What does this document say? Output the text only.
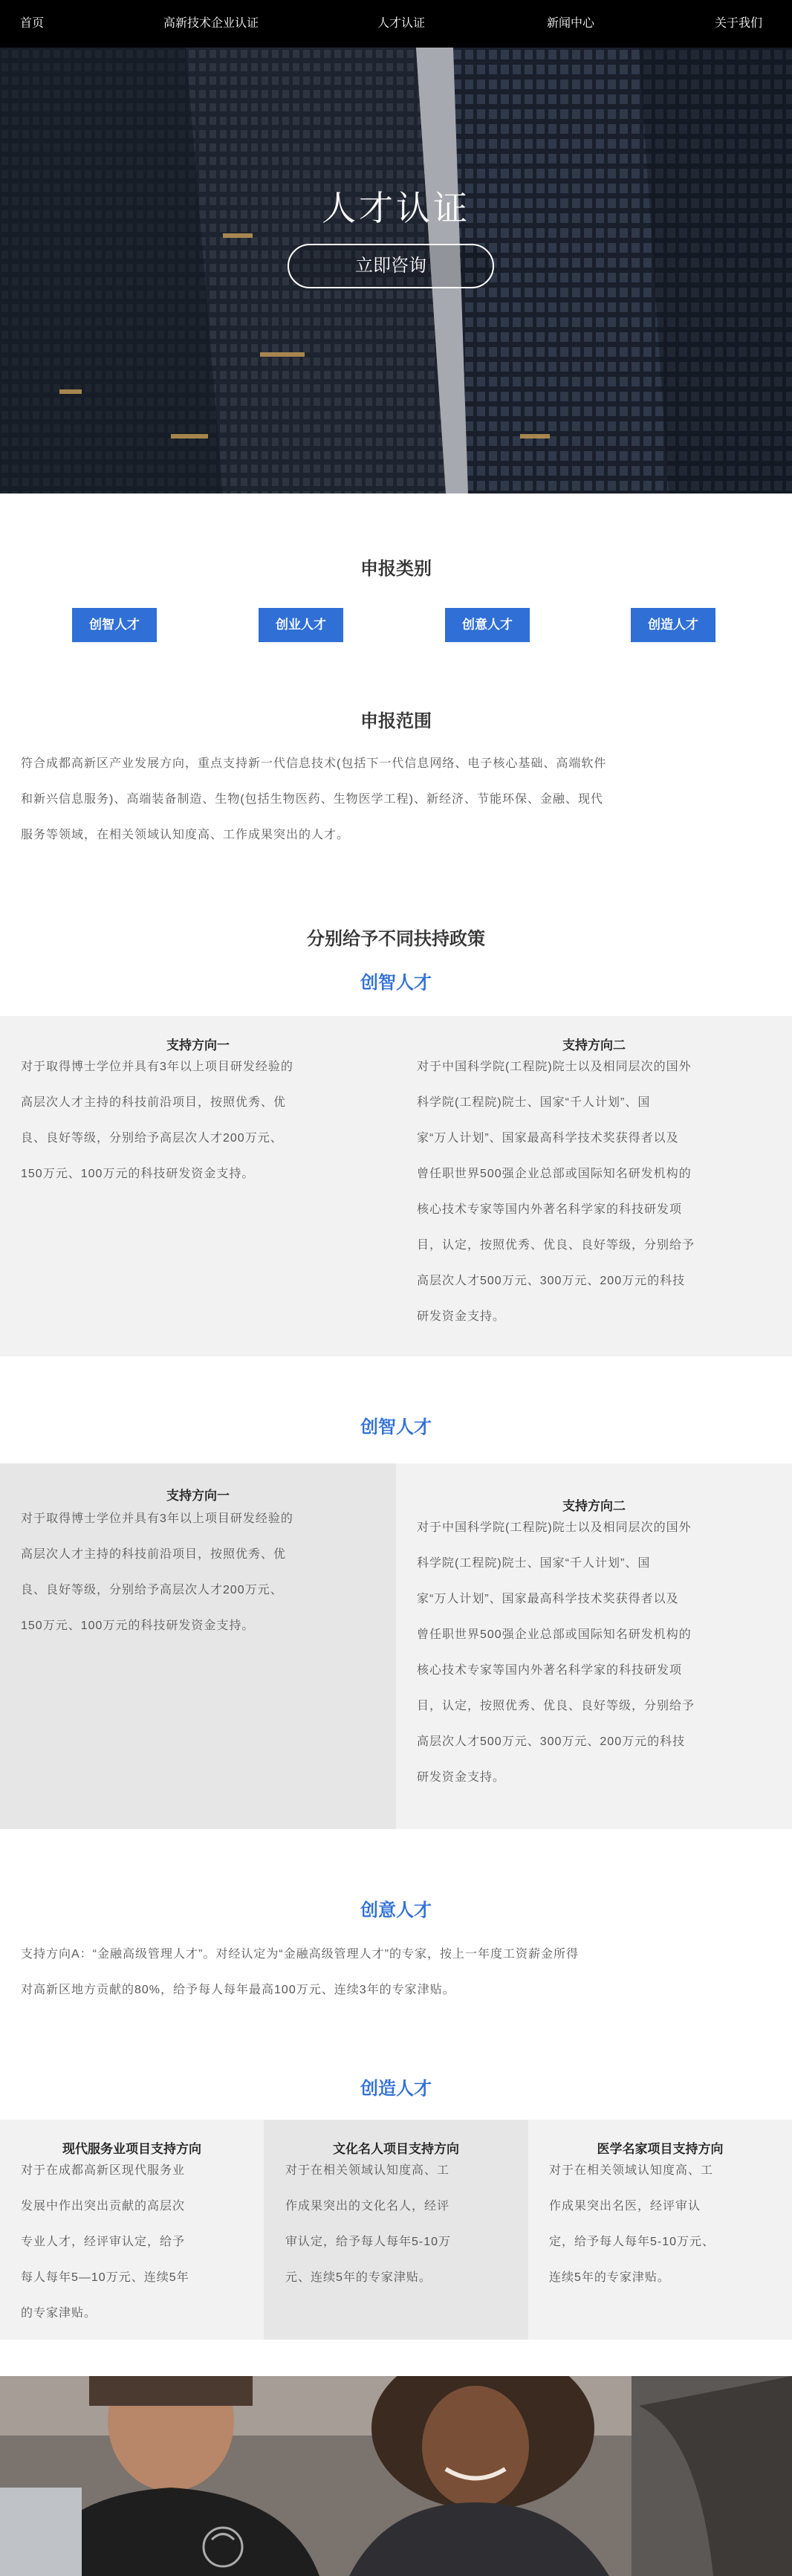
首页	高新技术企业认证	人才认证	新闻中心	关于我们
人才认证
立即咨询
申报类别
创智人才	创业人才	创意人才	创造人才
申报范围
符合成都高新区产业发展方向，重点支持新一代信息技术(包括下一代信息网络、电子核心基础、高端软件
和新兴信息服务)、高端装备制造、生物(包括生物医药、生物医学工程)、新经济、节能环保、金融、现代
服务等领域，在相关领域认知度高、工作成果突出的人才。
分别给予不同扶持政策
创智人才
支持方向一
对于取得博士学位并具有3年以上项目研发经验的
高层次人才主持的科技前沿项目，按照优秀、优
良、良好等级，分别给予高层次人才200万元、
150万元、100万元的科技研发资金支持。
支持方向二
对于中国科学院(工程院)院士以及相同层次的国外
科学院(工程院)院士、国家“千人计划”、国
家“万人计划”、国家最高科学技术奖获得者以及
曾任职世界500强企业总部或国际知名研发机构的
核心技术专家等国内外著名科学家的科技研发项
目，认定，按照优秀、优良、良好等级，分别给予
高层次人才500万元、300万元、200万元的科技
研发资金支持。
创智人才
支持方向一
对于取得博士学位并具有3年以上项目研发经验的
高层次人才主持的科技前沿项目，按照优秀、优
良、良好等级，分别给予高层次人才200万元、
150万元、100万元的科技研发资金支持。
支持方向二
对于中国科学院(工程院)院士以及相同层次的国外
科学院(工程院)院士、国家“千人计划”、国
家“万人计划”、国家最高科学技术奖获得者以及
曾任职世界500强企业总部或国际知名研发机构的
核心技术专家等国内外著名科学家的科技研发项
目，认定，按照优秀、优良、良好等级，分别给予
高层次人才500万元、300万元、200万元的科技
研发资金支持。
创意人才
支持方向A：“金融高级管理人才”。对经认定为“金融高级管理人才”的专家，按上一年度工资薪金所得
对高新区地方贡献的80%，给予每人每年最高100万元、连续3年的专家津贴。
创造人才
现代服务业项目支持方向
对于在成都高新区现代服务业
发展中作出突出贡献的高层次
专业人才，经评审认定，给予
每人每年5—10万元、连续5年
的专家津贴。
文化名人项目支持方向
对于在相关领域认知度高、工
作成果突出的文化名人，经评
审认定，给予每人每年5-10万
元、连续5年的专家津贴。
医学名家项目支持方向
对于在相关领域认知度高、工
作成果突出名医，经评审认
定，给予每人每年5-10万元、
连续5年的专家津贴。
